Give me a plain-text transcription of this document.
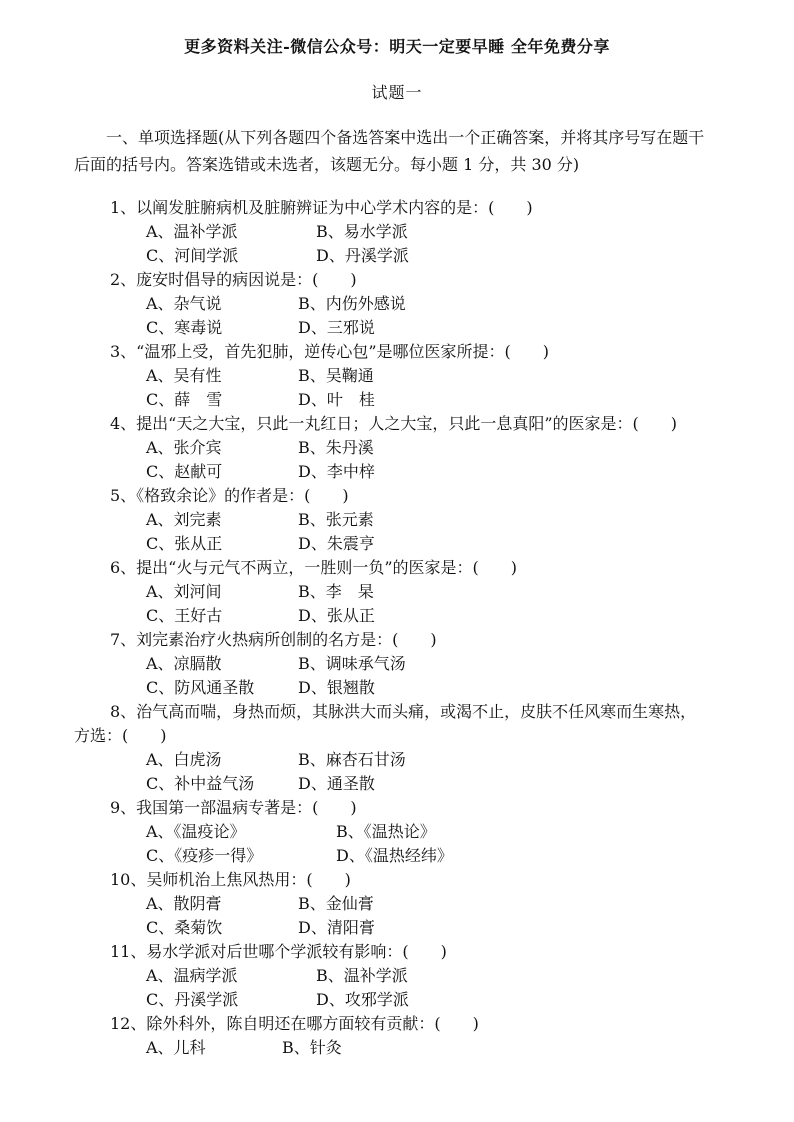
更多资料关注-微信公众号：明天一定要早睡 全年免费分享
试题一

一、单项选择题(从下列各题四个备选答案中选出一个正确答案，并将其序号写在题干后面的括号内。答案选错或未选者，该题无分。每小题 1 分，共 30 分)

1、以阐发脏腑病机及脏腑辨证为中心学术内容的是：(　　)
A、温补学派	B、易水学派
C、河间学派	D、丹溪学派
2、庞安时倡导的病因说是：(　　)
A、杂气说	B、内伤外感说
C、寒毒说	D、三邪说
3、“温邪上受，首先犯肺，逆传心包”是哪位医家所提：(　　)
A、吴有性	B、吴鞠通
C、薛　雪	D、叶　桂
4、提出“天之大宝，只此一丸红日；人之大宝，只此一息真阳”的医家是：(　　)
A、张介宾	B、朱丹溪
C、赵献可	D、李中梓
5、《格致余论》的作者是：(　　)
A、刘完素	B、张元素
C、张从正	D、朱震亨
6、提出“火与元气不两立，一胜则一负”的医家是：(　　)
A、刘河间	B、李　杲
C、王好古	D、张从正
7、刘完素治疗火热病所创制的名方是：(　　)
A、凉膈散	B、调味承气汤
C、防风通圣散	D、银翘散
8、治气高而喘，身热而烦，其脉洪大而头痛，或渴不止，皮肤不任风寒而生寒热，方选：(　　)
A、白虎汤	B、麻杏石甘汤
C、补中益气汤	D、通圣散
9、我国第一部温病专著是：(　　)
A、《温疫论》	B、《温热论》
C、《疫疹一得》	D、《温热经纬》
10、吴师机治上焦风热用：(　　)
A、散阴膏	B、金仙膏
C、桑菊饮	D、清阳膏
11、易水学派对后世哪个学派较有影响：(　　)
A、温病学派	B、温补学派
C、丹溪学派	D、攻邪学派
12、除外科外，陈自明还在哪方面较有贡献：(　　)
A、儿科	B、针灸
